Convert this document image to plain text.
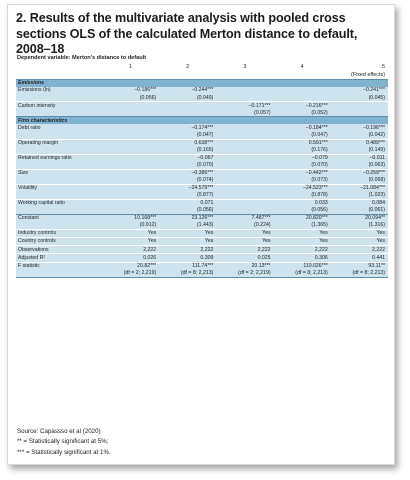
2. Results of the multivariate analysis with pooled cross sections OLS of the calculated Merton distance to default, 2008–18
Dependent variable: Merton's distance to default
	1	2	3	4	5
					(Fixed effects)
Emissions					
Emissions (ln)	−0.186***	−0.244***			−0.241***
	(0.056)	(0.049)			(0.045)
Carbon intensity			−0.171***	−0.216***	
			(0.057)	(0.052)	
Firm characteristics					
Debt ratio		−0.174***		−0.184***	−0.196***
		(0.047)		(0.047)	(0.042)
Operating margin		0.638***		0.591***	0.489***
		(0.165)		(0.176)	(0.149)
Retained earnings ratio		−0.067		−0.079	−0.011
		(0.070)		(0.070)	(0.063)
Size		−0.386***		−0.442***	−0.259***
		(0.074)		(0.073)	(0.068)
Volatility		−24.579***		−24.523***	−21.084***
		(0.877)		(0.878)	(1.023)
Working capital ratio		0.071		0.033	0.084
		(0.056)		(0.056)	(0.061)
Constant	10.168***	23.126***	7.487***	20.820***	20.094**
	(0.912)	(1.443)	(0.224)	(1.365)	(1.316)
Industry controls	Yes	Yes	Yes	Yes	Yes
Country controls	Yes	Yes	Yes	Yes	Yes
Observations	2,222	2,222	2,222	2,222	2,222
Adjusted R²	0.026	0.309	0.025	0.306	0.441
F statistic	20.82***	111.74***	20.13***	110.026***	93.11**
	(df = 2; 2,219)	(df = 8; 2,213)	(df = 2; 2,219)	(df = 8; 2,213)	(df = 8; 2,213)
Source: Capassso et al (2020)
** = Statistically significant at 5%;
*** = Statistically significant at 1%.
